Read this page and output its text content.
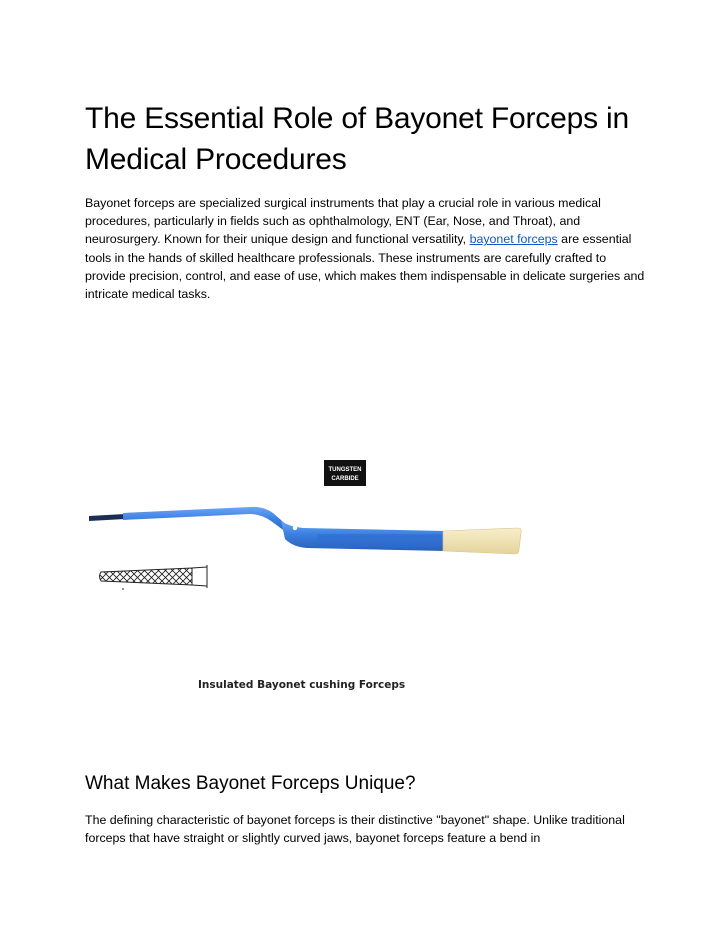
The Essential Role of Bayonet Forceps in Medical Procedures

Bayonet forceps are specialized surgical instruments that play a crucial role in various medical procedures, particularly in fields such as ophthalmology, ENT (Ear, Nose, and Throat), and neurosurgery. Known for their unique design and functional versatility, bayonet forceps are essential tools in the hands of skilled healthcare professionals. These instruments are carefully crafted to provide precision, control, and ease of use, which makes them indispensable in delicate surgeries and intricate medical tasks.

TUNGSTEN
CARBIDE
Insulated Bayonet cushing Forceps
What Makes Bayonet Forceps Unique?

The defining characteristic of bayonet forceps is their distinctive "bayonet" shape. Unlike traditional forceps that have straight or slightly curved jaws, bayonet forceps feature a bend in
